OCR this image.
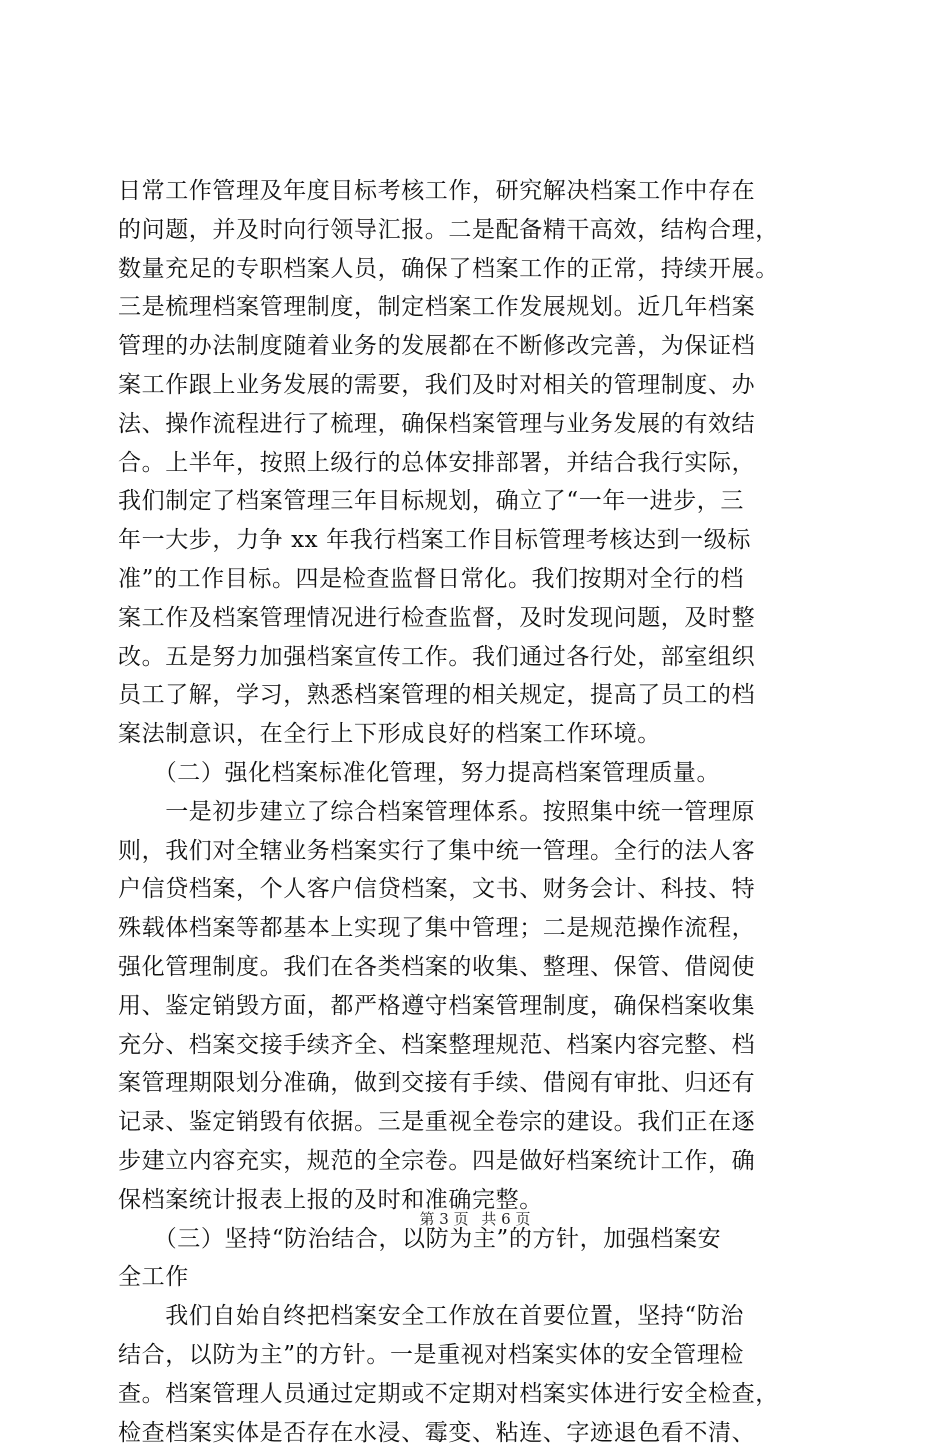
日常工作管理及年度目标考核工作，研究解决档案工作中存在
的问题，并及时向行领导汇报。二是配备精干高效，结构合理，
数量充足的专职档案人员，确保了档案工作的正常，持续开展。
三是梳理档案管理制度，制定档案工作发展规划。近几年档案
管理的办法制度随着业务的发展都在不断修改完善，为保证档
案工作跟上业务发展的需要，我们及时对相关的管理制度、办
法、操作流程进行了梳理，确保档案管理与业务发展的有效结
合。上半年，按照上级行的总体安排部署，并结合我行实际，
我们制定了档案管理三年目标规划，确立了“一年一进步，三
年一大步，力争 xx 年我行档案工作目标管理考核达到一级标
准”的工作目标。四是检查监督日常化。我们按期对全行的档
案工作及档案管理情况进行检查监督，及时发现问题，及时整
改。五是努力加强档案宣传工作。我们通过各行处，部室组织
员工了解，学习，熟悉档案管理的相关规定，提高了员工的档
案法制意识，在全行上下形成良好的档案工作环境。
　　（二）强化档案标准化管理，努力提高档案管理质量。
　　一是初步建立了综合档案管理体系。按照集中统一管理原
则，我们对全辖业务档案实行了集中统一管理。全行的法人客
户信贷档案，个人客户信贷档案，文书、财务会计、科技、特
殊载体档案等都基本上实现了集中管理；二是规范操作流程，
强化管理制度。我们在各类档案的收集、整理、保管、借阅使
用、鉴定销毁方面，都严格遵守档案管理制度，确保档案收集
充分、档案交接手续齐全、档案整理规范、档案内容完整、档
案管理期限划分准确，做到交接有手续、借阅有审批、归还有
记录、鉴定销毁有依据。三是重视全卷宗的建设。我们正在逐
步建立内容充实，规范的全宗卷。四是做好档案统计工作，确
保档案统计报表上报的及时和准确完整。
　　（三）坚持“防治结合，以防为主”的方针，加强档案安
全工作
　　我们自始自终把档案安全工作放在首要位置，坚持“防治
结合，以防为主”的方针。一是重视对档案实体的安全管理检
查。档案管理人员通过定期或不定期对档案实体进行安全检查，
检查档案实体是否存在水浸、霉变、粘连、字迹退色看不清、
第 3 页 共 6 页
